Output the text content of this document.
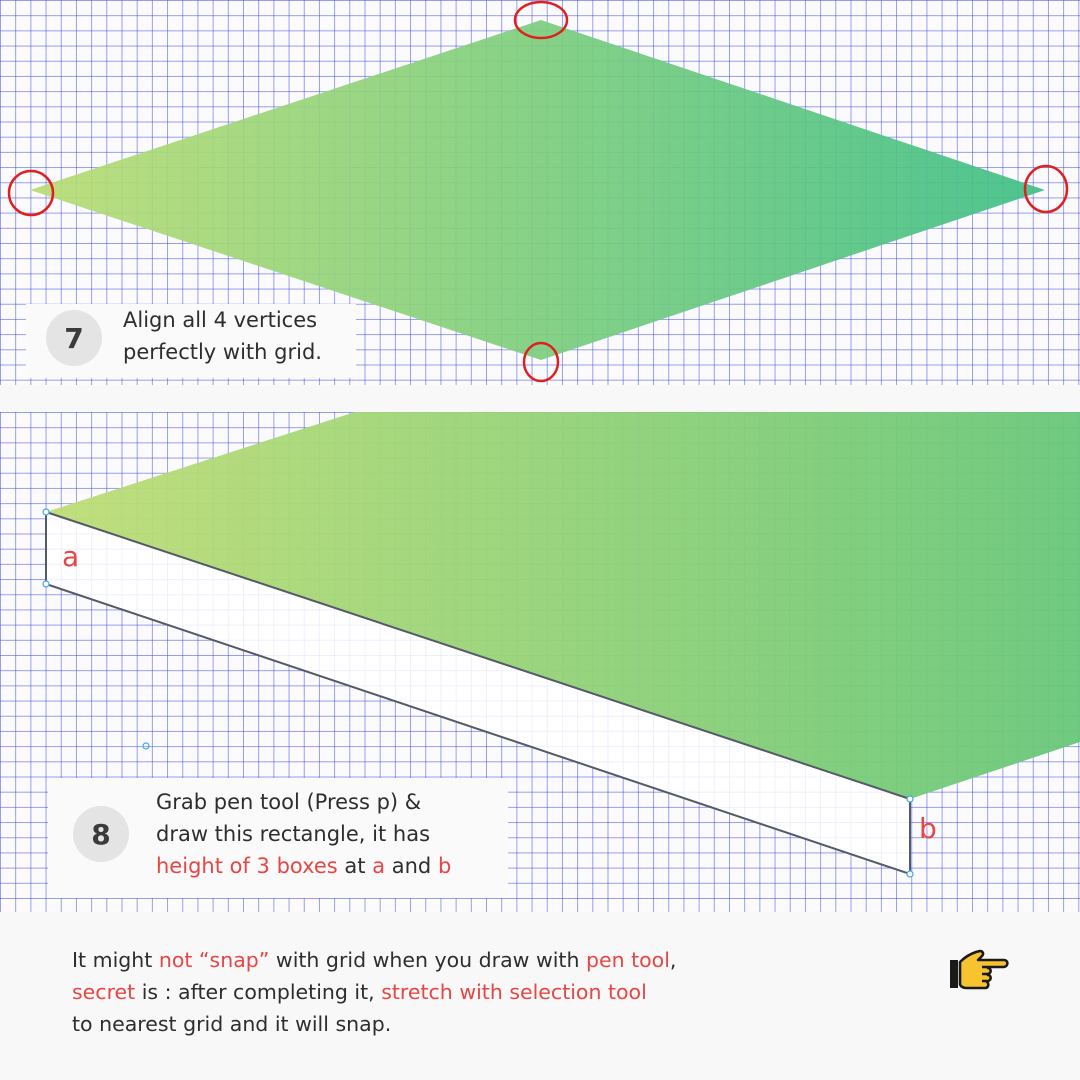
7
Align all 4 vertices
perfectly with grid.
a
b
8
Grab pen tool (Press p) &
draw this rectangle, it has
height of 3 boxes at a and b
It might not “snap” with grid when you draw with pen tool,
secret is : after completing it, stretch with selection tool
to nearest grid and it will snap.
